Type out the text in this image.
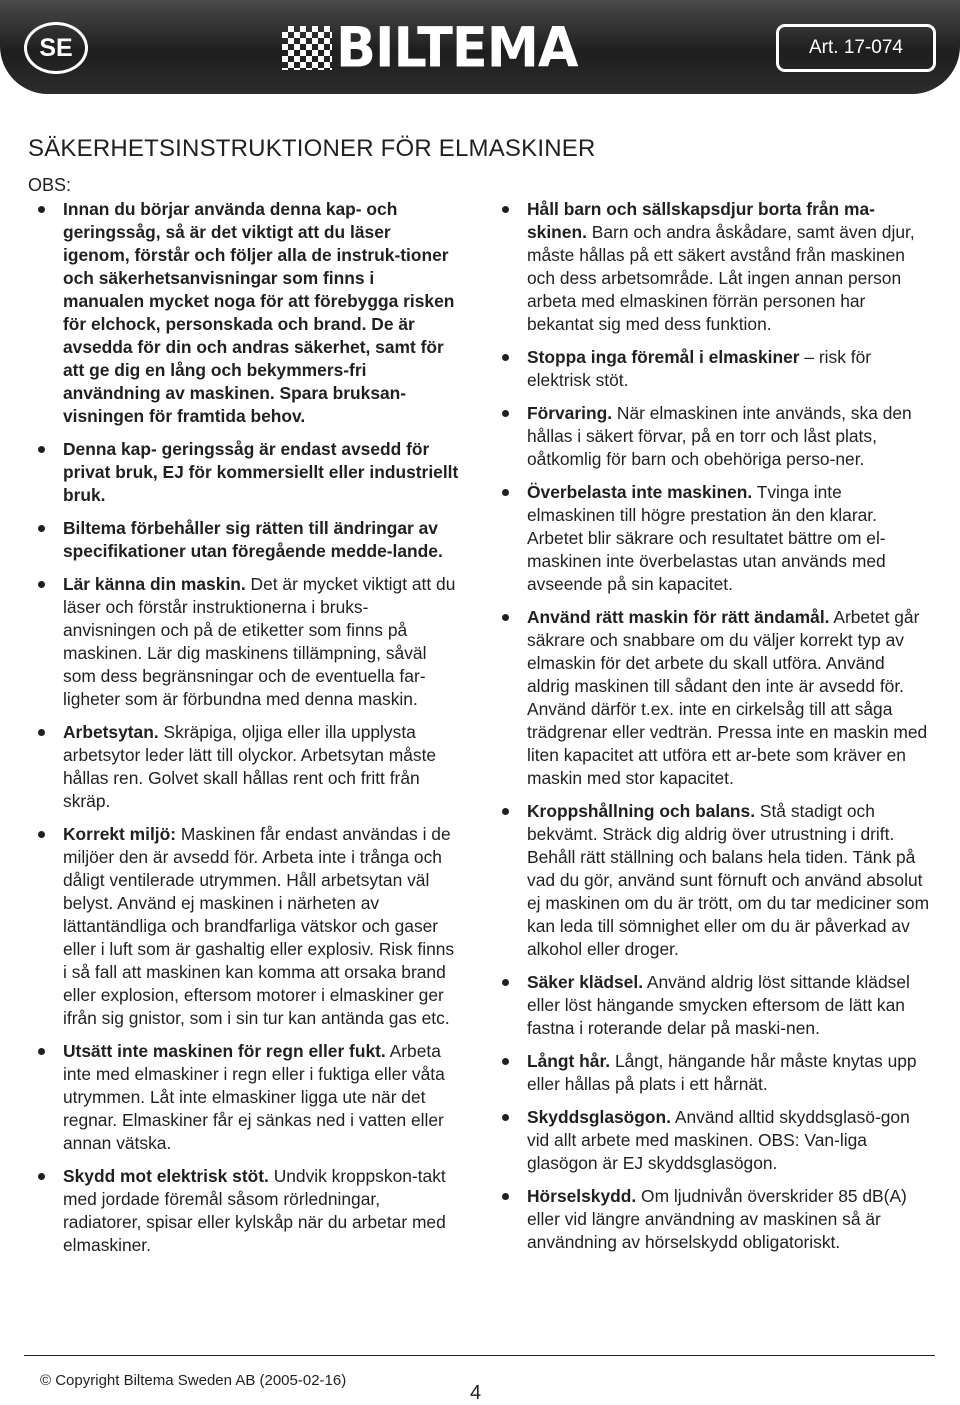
SE	BILTEMA	Art. 17-074
SÄKERHETSINSTRUKTIONER FÖR ELMASKINER
OBS:
Innan du börjar använda denna kap- och geringssåg, så är det viktigt att du läser igenom, förstår och följer alla de instruk-tioner och säkerhetsanvisningar som finns i manualen mycket noga för att förebygga risken för elchock, personskada och brand. De är avsedda för din och andras säkerhet, samt för att ge dig en lång och bekymmers-fri användning av maskinen. Spara bruksan-visningen för framtida behov.
Denna kap- geringssåg är endast avsedd för privat bruk, EJ för kommersiellt eller industriellt bruk.
Biltema förbehåller sig rätten till ändringar av specifikationer utan föregående medde-lande.
Lär känna din maskin. Det är mycket viktigt att du läser och förstår instruktionerna i bruks-anvisningen och på de etiketter som finns på maskinen. Lär dig maskinens tillämpning, såväl som dess begränsningar och de eventuella far-ligheter som är förbundna med denna maskin.
Arbetsytan. Skräpiga, oljiga eller illa upplysta arbetsytor leder lätt till olyckor. Arbetsytan måste hållas ren. Golvet skall hållas rent och fritt från skräp.
Korrekt miljö: Maskinen får endast användas i de miljöer den är avsedd för. Arbeta inte i trånga och dåligt ventilerade utrymmen. Håll arbetsytan väl belyst. Använd ej maskinen i närheten av lättantändliga och brandfarliga vätskor och gaser eller i luft som är gashaltig eller explosiv. Risk finns i så fall att maskinen kan komma att orsaka brand eller explosion, eftersom motorer i elmaskiner ger ifrån sig gnistor, som i sin tur kan antända gas etc.
Utsätt inte maskinen för regn eller fukt. Arbeta inte med elmaskiner i regn eller i fuktiga eller våta utrymmen. Låt inte elmaskiner ligga ute när det regnar. Elmaskiner får ej sänkas ned i vatten eller annan vätska.
Skydd mot elektrisk stöt. Undvik kroppskon-takt med jordade föremål såsom rörledningar, radiatorer, spisar eller kylskåp när du arbetar med elmaskiner.
Håll barn och sällskapsdjur borta från ma-skinen. Barn och andra åskådare, samt även djur, måste hållas på ett säkert avstånd från maskinen och dess arbetsområde. Låt ingen annan person arbeta med elmaskinen förrän personen har bekantat sig med dess funktion.
Stoppa inga föremål i elmaskiner – risk för elektrisk stöt.
Förvaring. När elmaskinen inte används, ska den hållas i säkert förvar, på en torr och låst plats, oåtkomlig för barn och obehöriga perso-ner.
Överbelasta inte maskinen. Tvinga inte elmaskinen till högre prestation än den klarar. Arbetet blir säkrare och resultatet bättre om el-maskinen inte överbelastas utan används med avseende på sin kapacitet.
Använd rätt maskin för rätt ändamål. Arbetet går säkrare och snabbare om du väljer korrekt typ av elmaskin för det arbete du skall utföra. Använd aldrig maskinen till sådant den inte är avsedd för. Använd därför t.ex. inte en cirkelsåg till att såga trädgrenar eller vedträn. Pressa inte en maskin med liten kapacitet att utföra ett ar-bete som kräver en maskin med stor kapacitet.
Kroppshållning och balans. Stå stadigt och bekvämt. Sträck dig aldrig över utrustning i drift. Behåll rätt ställning och balans hela tiden. Tänk på vad du gör, använd sunt förnuft och använd absolut ej maskinen om du är trött, om du tar mediciner som kan leda till sömnighet eller om du är påverkad av alkohol eller droger.
Säker klädsel. Använd aldrig löst sittande klädsel eller löst hängande smycken eftersom de lätt kan fastna i roterande delar på maski-nen.
Långt hår. Långt, hängande hår måste knytas upp eller hållas på plats i ett hårnät.
Skyddsglasögon. Använd alltid skyddsglasö-gon vid allt arbete med maskinen. OBS: Van-liga glasögon är EJ skyddsglasögon.
Hörselskydd. Om ljudnivån överskrider 85 dB(A) eller vid längre användning av maskinen så är användning av hörselskydd obligatoriskt.
© Copyright Biltema Sweden AB (2005-02-16)
4
